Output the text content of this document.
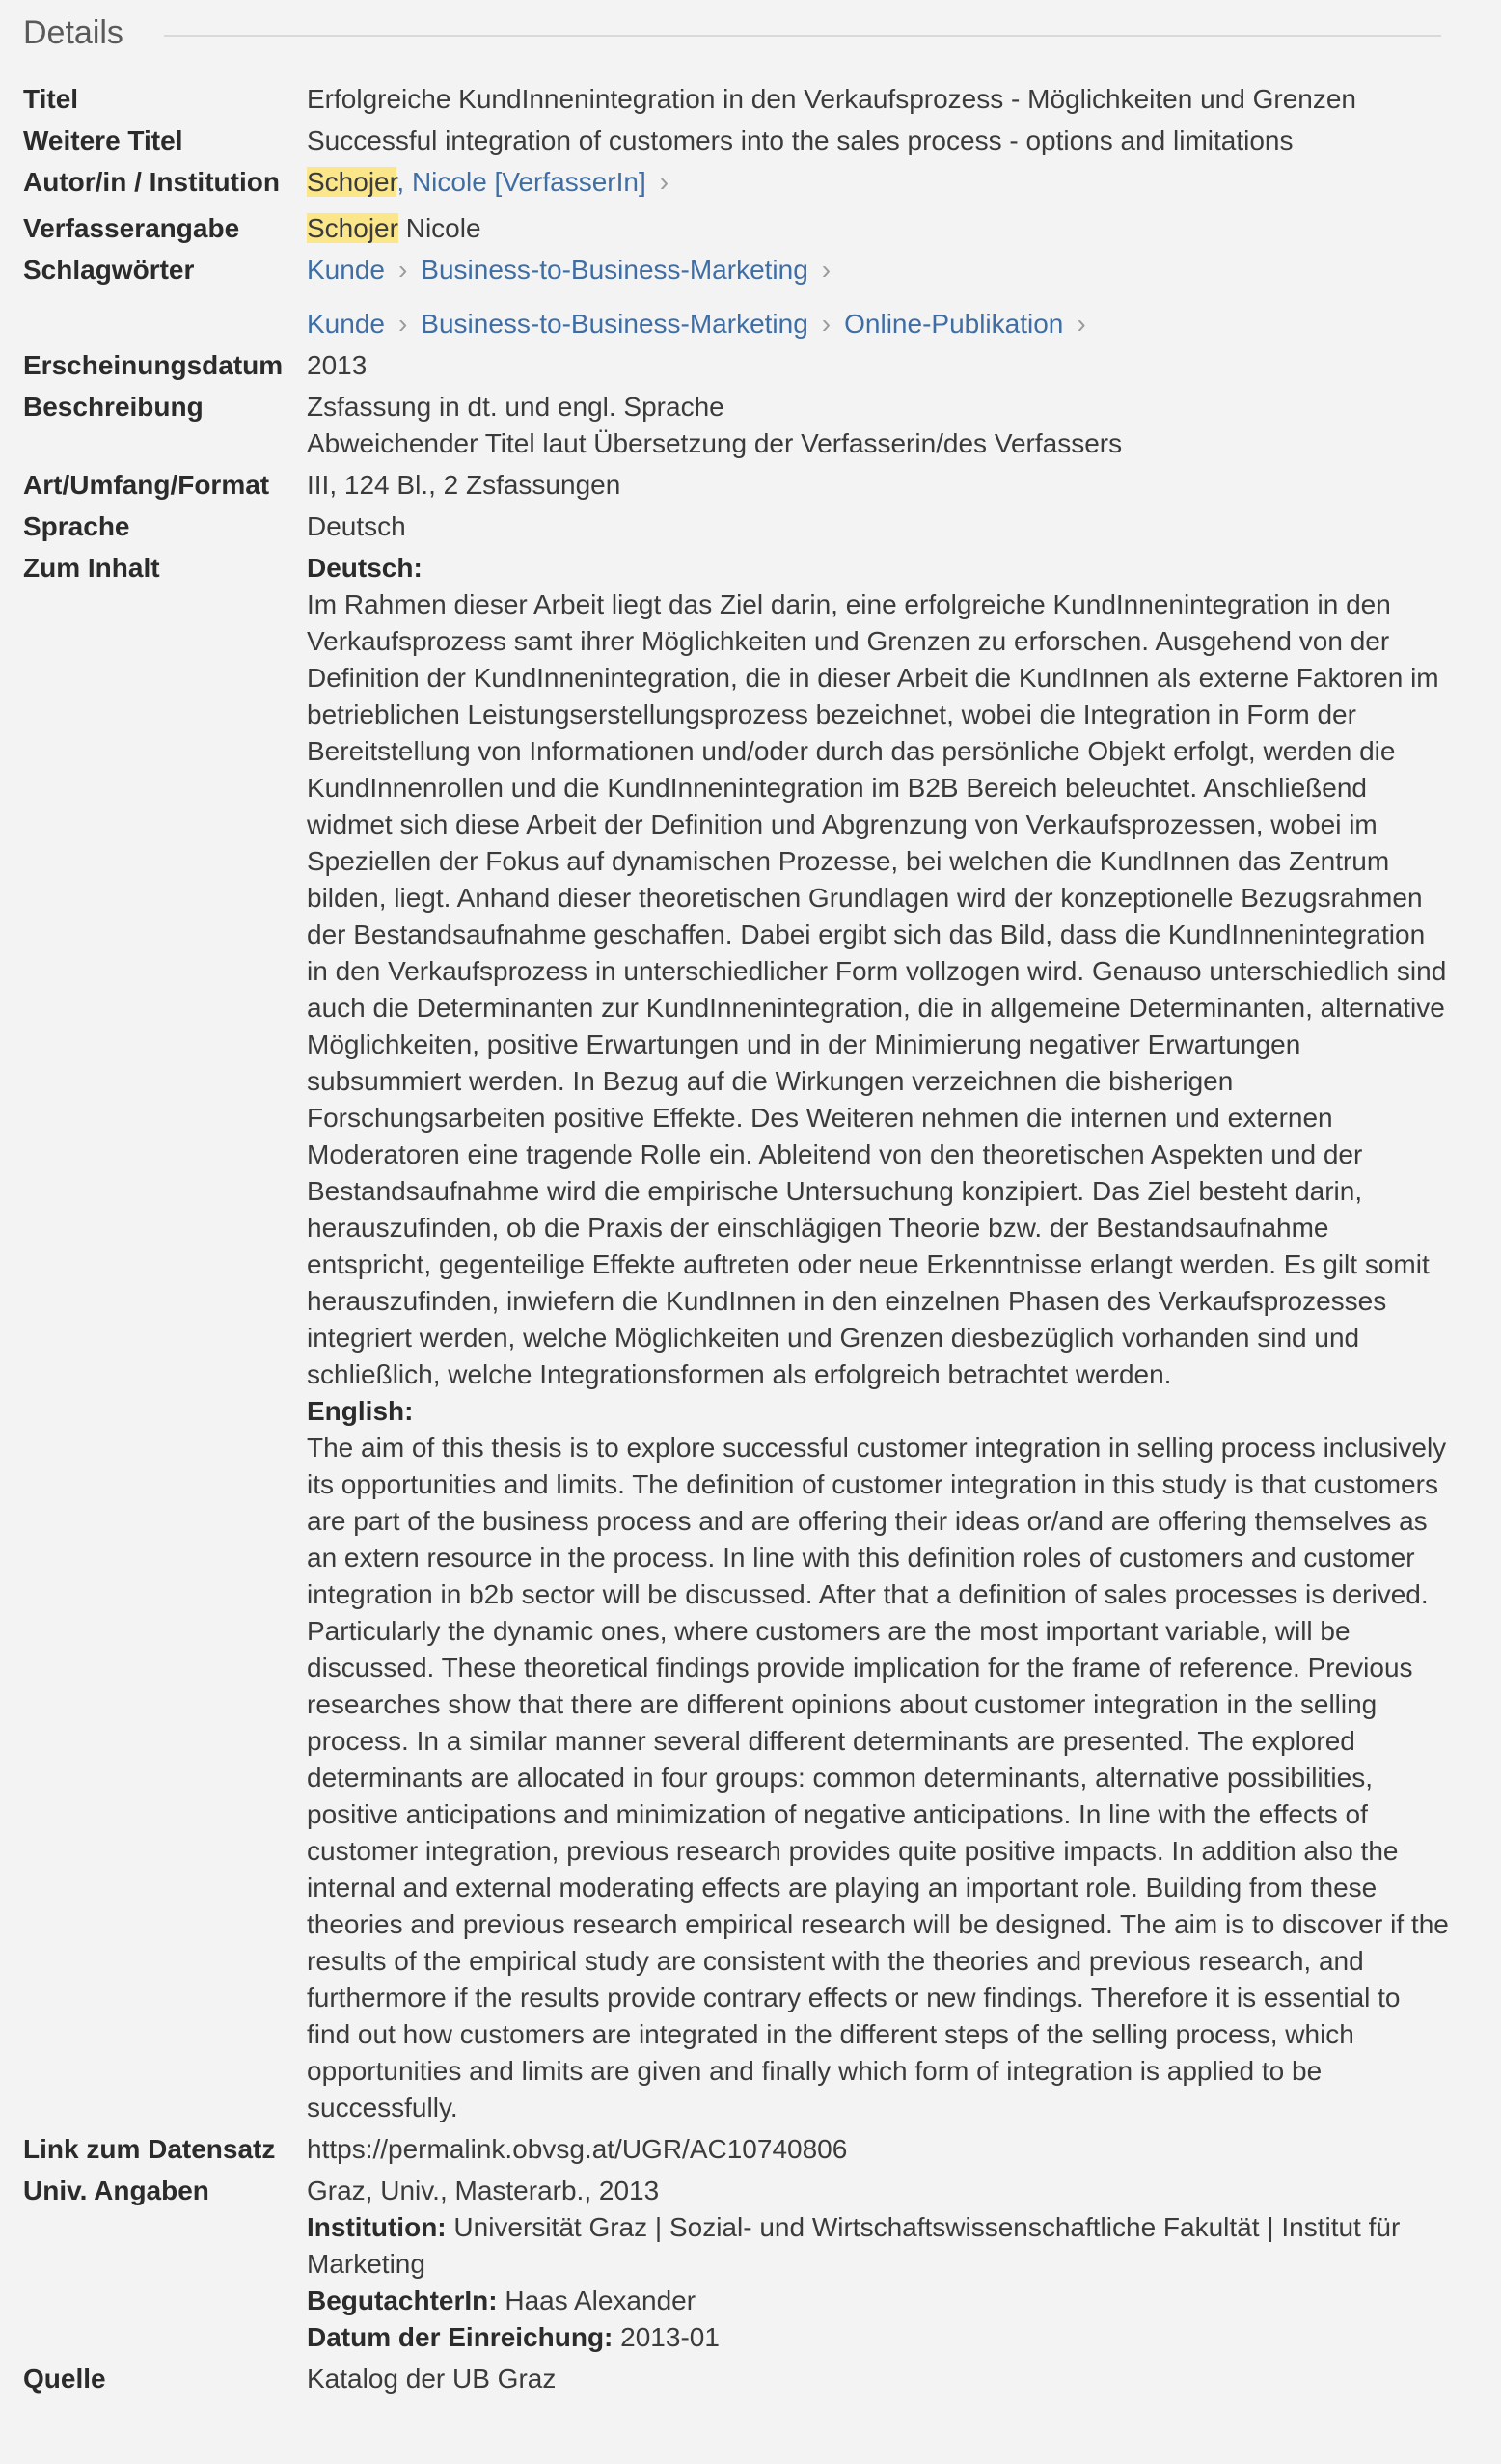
Details
Titel	Erfolgreiche KundInnenintegration in den Verkaufsprozess - Möglichkeiten und Grenzen
Weitere Titel	Successful integration of customers into the sales process - options and limitations
Autor/in / Institution	Schojer, Nicole [VerfasserIn] ›
Verfasserangabe	Schojer Nicole
Schlagwörter	Kunde › Business-to-Business-Marketing ›
Kunde › Business-to-Business-Marketing › Online-Publikation ›
Erscheinungsdatum 2013
Beschreibung	Zsfassung in dt. und engl. Sprache
Abweichender Titel laut Übersetzung der Verfasserin/des Verfassers
Art/Umfang/Format	III, 124 Bl., 2 Zsfassungen
Sprache	Deutsch
Zum Inhalt	Deutsch:
Im Rahmen dieser Arbeit liegt das Ziel darin, eine erfolgreiche KundInnenintegration in den Verkaufsprozess samt ihrer Möglichkeiten und Grenzen zu erforschen. Ausgehend von der Definition der KundInnenintegration, die in dieser Arbeit die KundInnen als externe Faktoren im betrieblichen Leistungserstellungsprozess bezeichnet, wobei die Integration in Form der Bereitstellung von Informationen und/oder durch das persönliche Objekt erfolgt, werden die KundInnenrollen und die KundInnenintegration im B2B Bereich beleuchtet. Anschließend widmet sich diese Arbeit der Definition und Abgrenzung von Verkaufsprozessen, wobei im Speziellen der Fokus auf dynamischen Prozesse, bei welchen die KundInnen das Zentrum bilden, liegt. Anhand dieser theoretischen Grundlagen wird der konzeptionelle Bezugsrahmen der Bestandsaufnahme geschaffen. Dabei ergibt sich das Bild, dass die KundInnenintegration in den Verkaufsprozess in unterschiedlicher Form vollzogen wird. Genauso unterschiedlich sind auch die Determinanten zur KundInnenintegration, die in allgemeine Determinanten, alternative Möglichkeiten, positive Erwartungen und in der Minimierung negativer Erwartungen subsummiert werden. In Bezug auf die Wirkungen verzeichnen die bisherigen Forschungsarbeiten positive Effekte. Des Weiteren nehmen die internen und externen Moderatoren eine tragende Rolle ein. Ableitend von den theoretischen Aspekten und der Bestandsaufnahme wird die empirische Untersuchung konzipiert. Das Ziel besteht darin, herauszufinden, ob die Praxis der einschlägigen Theorie bzw. der Bestandsaufnahme entspricht, gegenteilige Effekte auftreten oder neue Erkenntnisse erlangt werden. Es gilt somit herauszufinden, inwiefern die KundInnen in den einzelnen Phasen des Verkaufsprozesses integriert werden, welche Möglichkeiten und Grenzen diesbezüglich vorhanden sind und schließlich, welche Integrationsformen als erfolgreich betrachtet werden.
English:
The aim of this thesis is to explore successful customer integration in selling process inclusively its opportunities and limits. The definition of customer integration in this study is that customers are part of the business process and are offering their ideas or/and are offering themselves as an extern resource in the process. In line with this definition roles of customers and customer integration in b2b sector will be discussed. After that a definition of sales processes is derived. Particularly the dynamic ones, where customers are the most important variable, will be discussed. These theoretical findings provide implication for the frame of reference. Previous researches show that there are different opinions about customer integration in the selling process. In a similar manner several different determinants are presented. The explored determinants are allocated in four groups: common determinants, alternative possibilities, positive anticipations and minimization of negative anticipations. In line with the effects of customer integration, previous research provides quite positive impacts. In addition also the internal and external moderating effects are playing an important role. Building from these theories and previous research empirical research will be designed. The aim is to discover if the results of the empirical study are consistent with the theories and previous research, and furthermore if the results provide contrary effects or new findings. Therefore it is essential to find out how customers are integrated in the different steps of the selling process, which opportunities and limits are given and finally which form of integration is applied to be successfully.
Link zum Datensatz	https://permalink.obvsg.at/UGR/AC10740806
Univ. Angaben	Graz, Univ., Masterarb., 2013
Institution: Universität Graz | Sozial- und Wirtschaftswissenschaftliche Fakultät | Institut für Marketing
BegutachterIn: Haas Alexander
Datum der Einreichung: 2013-01
Quelle	Katalog der UB Graz
